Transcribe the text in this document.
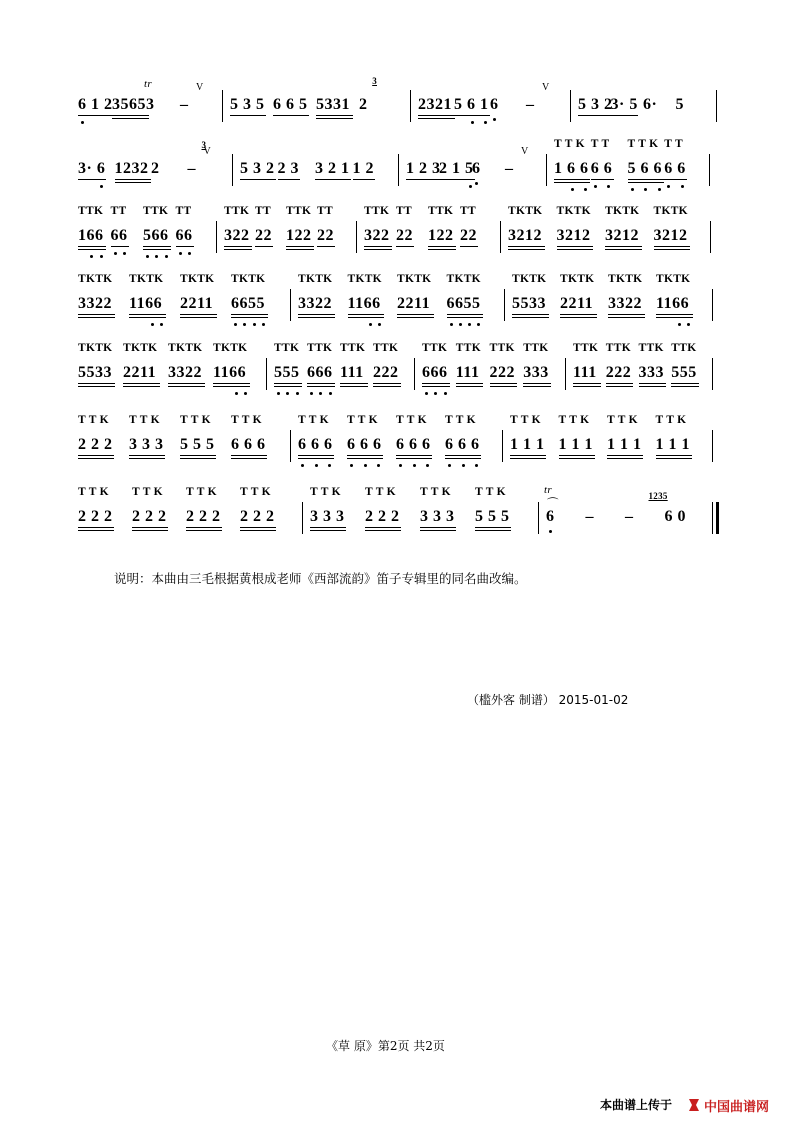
6 1 2 3565 3
tr
–
V
5 3 5 6 6 5 5331 2
3
2321 5 6 1 6 –
V
5 3 2
3· 5 6· 5
3· 6 1232 2 –
3
V
5 3 2 2 3 3 2 1 1 2 1 2 3
2 1 5
6 –
V
T T K
1 6 6
T T
6 6
T T K
5 6 6
T T
6 6
TTK
166
TT
66
TTK
566
TT
66
TTK
322
TT
22
TTK
122
TT
22
TTK
322
TT
22
TTK
122
TT
22
TKTK
3212
TKTK
3212
TKTK
3212
TKTK
3212
TKTK
3322
TKTK
1166
TKTK
2211
TKTK
6655
TKTK
3322
TKTK
1166
TKTK
2211
TKTK
6655
TKTK
5533
TKTK
2211
TKTK
3322
TKTK
1166
TKTK
5533
TKTK
2211
TKTK
3322
TKTK
1166
TTK
555
TTK
666
TTK
111
TTK
222
TTK
666
TTK
111
TTK
222
TTK
333
TTK
111
TTK
222
TTK
333
TTK
555
T T K
2 2 2
T T K
3 3 3
T T K
5 5 5
T T K
6 6 6
T T K
6 6 6
T T K
6 6 6
T T K
6 6 6
T T K
6 6 6
T T K
1 1 1
T T K
1 1 1
T T K
1 1 1
T T K
1 1 1
T T K
2 2 2
T T K
2 2 2
T T K
2 2 2
T T K
2 2 2
T T K
3 3 3
T T K
2 2 2
T T K
3 3 3
T T K
5 5 5 6
tr
⌒
– – 6 0
1235
说明：本曲由三毛根据黄根成老师《西部流韵》笛子专辑里的同名曲改编。
（槛外客 制谱） 2015-01-02
《草 原》第2页 共2页
本曲谱上传于 中国曲谱网
